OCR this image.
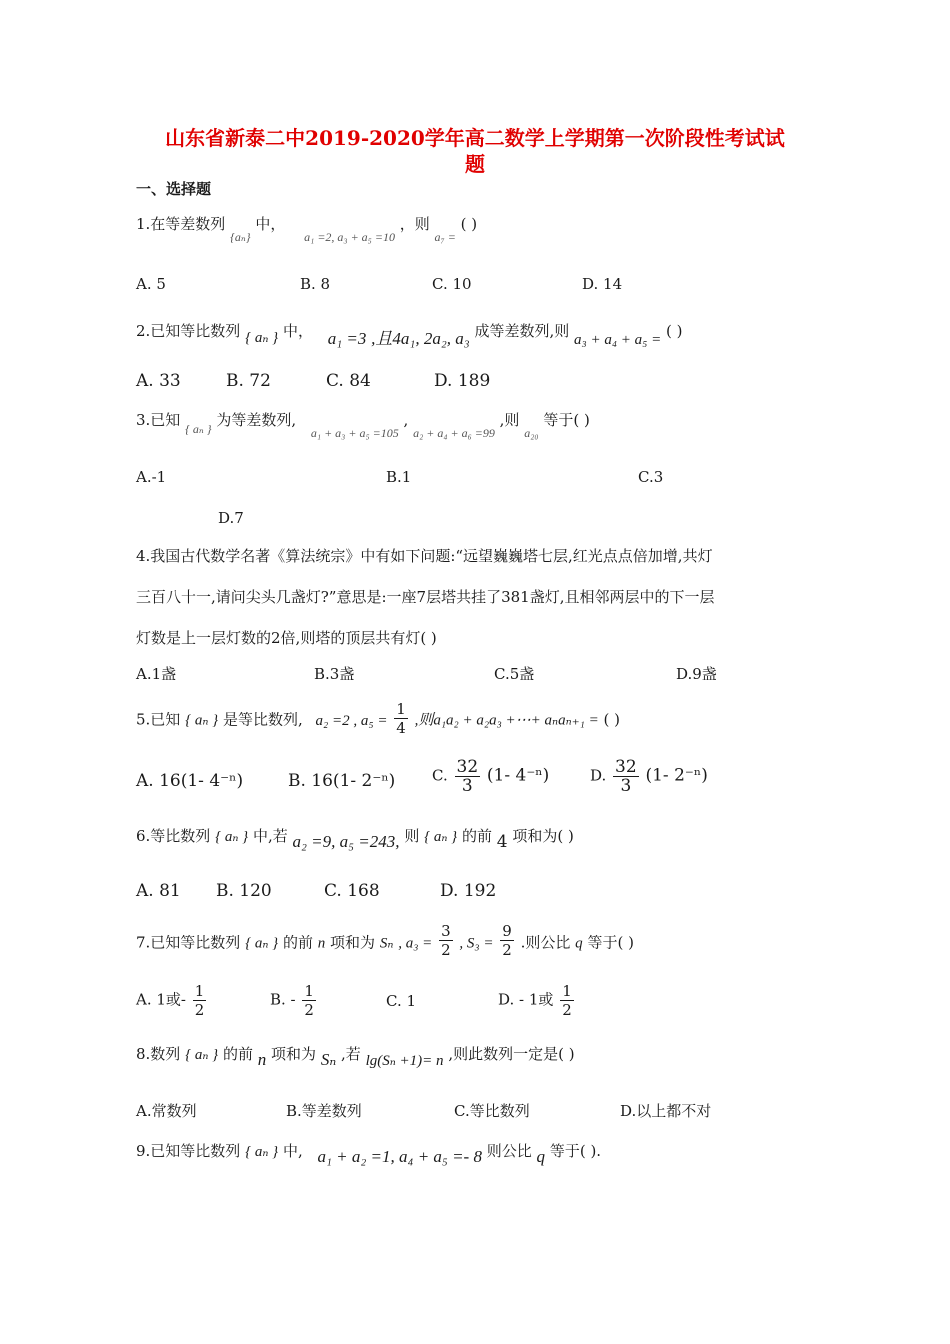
山东省新泰二中2019-2020学年高二数学上学期第一次阶段性考试试
题
一、选择题
1.在等差数列 $_{\{a_n\}}$ 中， $_{a_1 =2, a_3 + a_5 =10}$ ，则 $_{a_7 =}$ ( )
A. 5	B. 8	C. 10	D. 14
2.已知等比数列 { aₙ } 中， a₁ =3 ,且4a₁, 2a₂, a₃ 成等差数列,则 a₃ + a₄ + a₅ = ( )
A. 33	B. 72	C. 84	D. 189
3.已知 $_{\{ a_n \}}$ 为等差数列, $_{a_1 + a_3 + a_5 =105}$ , $_{a_2 + a_4 + a_6 =99}$ ,则 $_{a_{20}}$ 等于( )
A.-1	B.1	C.3
D.7
4.我国古代数学名著《算法统宗》中有如下问题:“远望巍巍塔七层,红光点点倍加增,共灯
三百八十一,请问尖头几盏灯?”意思是:一座7层塔共挂了381盏灯,且相邻两层中的下一层
灯数是上一层灯数的2倍,则塔的顶层共有灯( )
A.1盏	B.3盏	C.5盏	D.9盏
5.已知 { aₙ } 是等比数列, a₂ =2 , $a_5 = \frac{1}{4}$ ,则a₁a₂ + a₂a₃ +⋯+ aₙaₙ₊₁ = ( )
A. 16(1- 4⁻ⁿ)	B. 16(1- 2⁻ⁿ) C. $\frac{32}{3} (1-$ 4⁻ⁿ)	D. $\frac{32}{3} (1-$ 2⁻ⁿ)
6.等比数列 { aₙ } 中,若 a₂ =9, a₅ =243, 则 { aₙ } 的前 4 项和为( )
A. 81 B. 120	C. 168	D. 192
7.已知等比数列 { aₙ } 的前 n 项和为 Sₙ , $a_3 = \frac{3}{2}$ , $S_3 = \frac{9}{2}$ .则公比 q 等于( )
A. 1或- $\frac{1}{2}$	B. - $\frac{1}{2}$	C. 1	D. - 1或 $\frac{1}{2}$
8.数列 { aₙ } 的前 n 项和为 Sₙ ,若 lg(Sₙ +1)= n ,则此数列一定是( )
A.常数列	B.等差数列	C.等比数列	D.以上都不对
9.已知等比数列 { aₙ } 中, a₁ + a₂ =1, a₄ + a₅ =- 8 则公比 q 等于( ).
